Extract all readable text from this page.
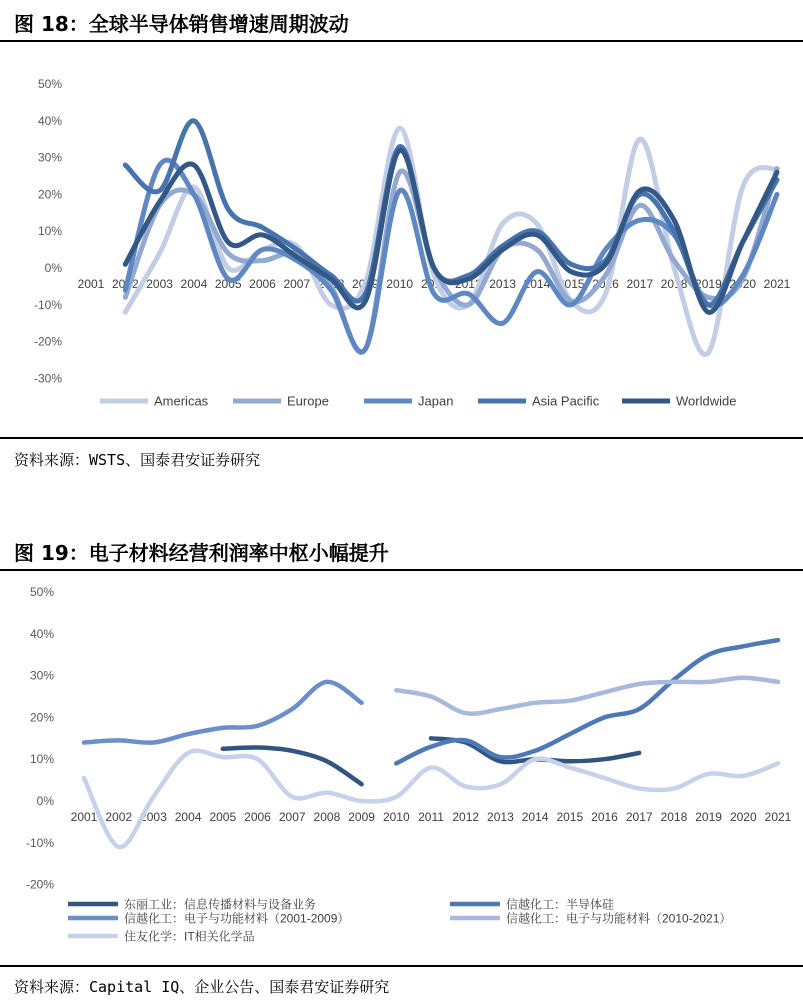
图 18：全球半导体销售增速周期波动
50%
40%
30%
20%
10%
0%
-10%
-20%
-30%
2001 2002 2003 2004 2005 2006 2007 2008 2009 2010 2011 2012 2013 2014 2015 2016 2017 2018 2019 2020 2021
Americas	Europe	Japan	Asia Pacific	Worldwide
资料来源：WSTS、国泰君安证券研究
图 19：电子材料经营利润率中枢小幅提升
50%
40%
30%
20%
10%
0%
-10%
-20%
2001 2002 2003 2004 2005 2006 2007 2008 2009 2010 2011 2012 2013 2014 2015 2016 2017 2018 2019 2020 2021
东丽工业：信息传播材料与设备业务	信越化工：半导体硅
信越化工：电子与功能材料（2001-2009）	信越化工：电子与功能材料（2010-2021）
住友化学：IT相关化学品
资料来源：Capital IQ、企业公告、国泰君安证券研究
